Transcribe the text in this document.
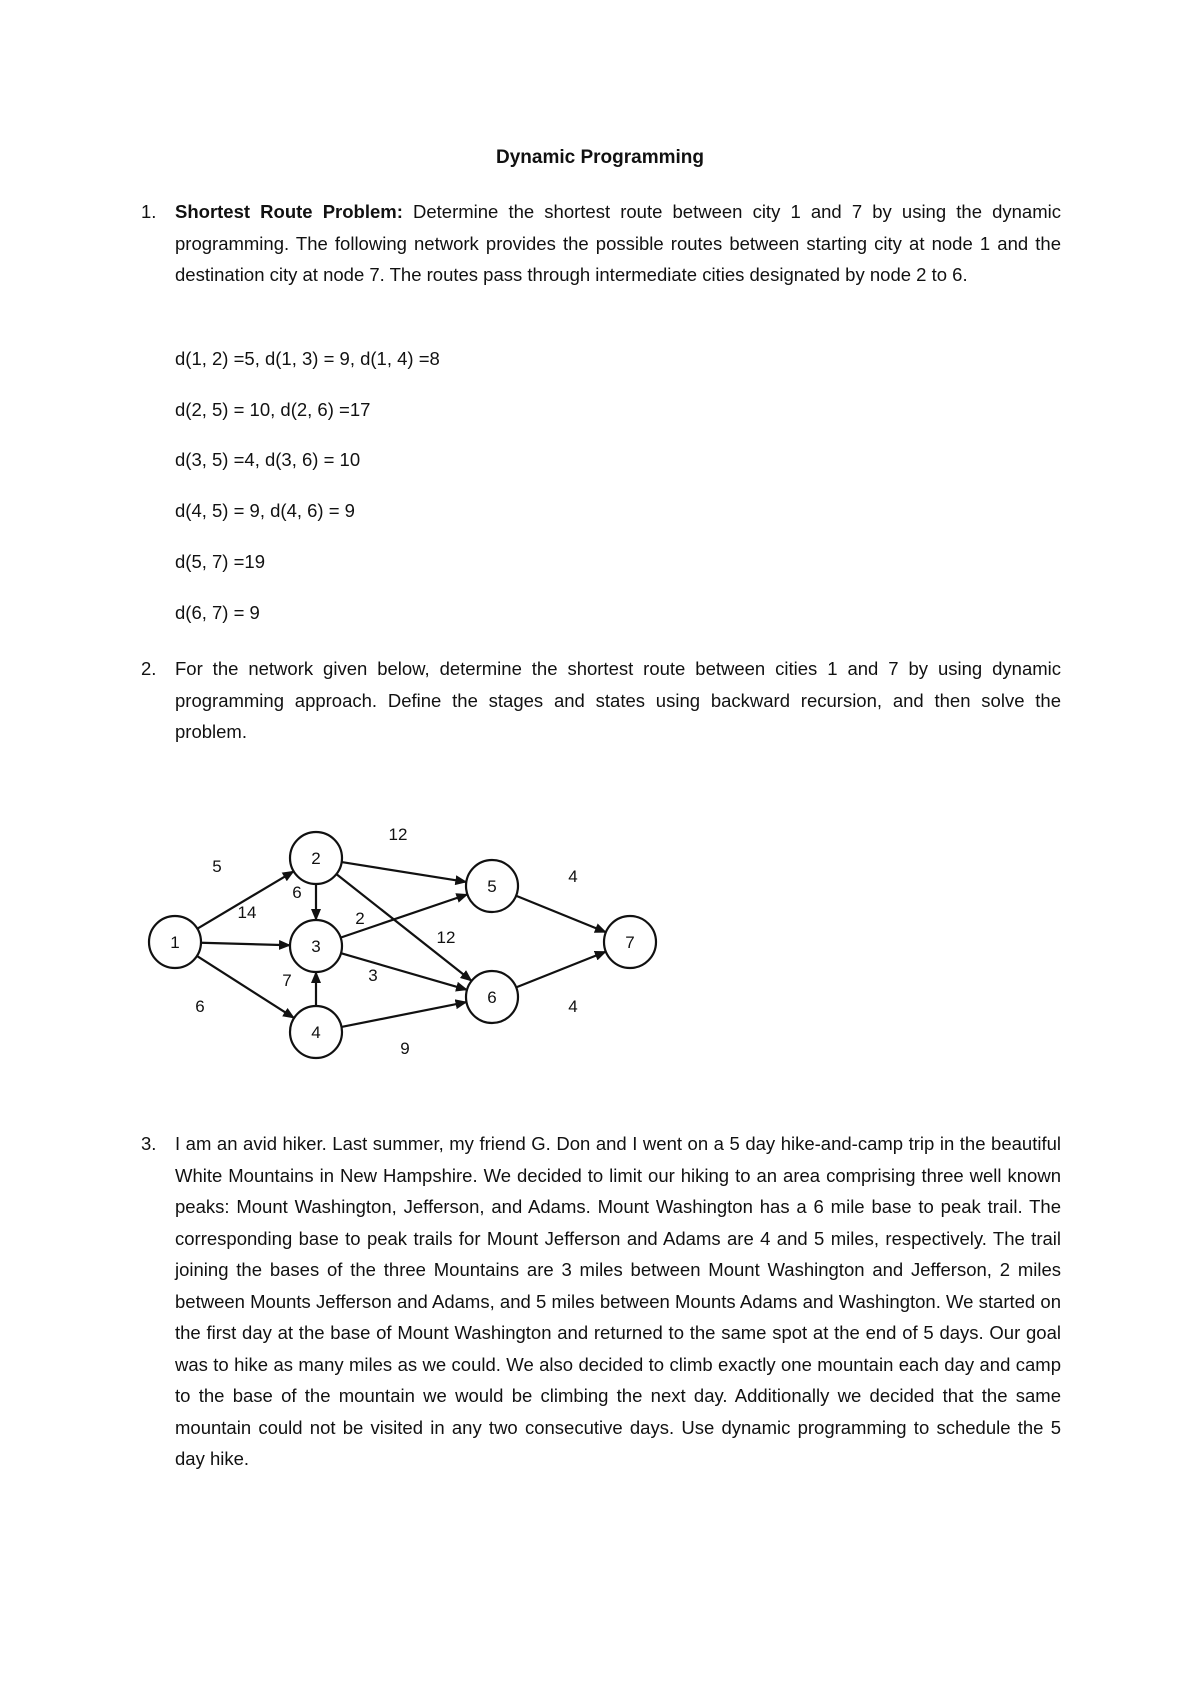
Dynamic Programming
1.	Shortest Route Problem: Determine the shortest route between city 1 and 7 by using the dynamic programming. The following network provides the possible routes between starting city at node 1 and the destination city at node 7. The routes pass through intermediate cities designated by node 2 to 6.
d(1, 2) =5, d(1, 3) = 9, d(1, 4) =8
d(2, 5) = 10, d(2, 6) =17
d(3, 5) =4, d(3, 6) = 10
d(4, 5) = 9, d(4, 6) = 9
d(5, 7) =19
d(6, 7) = 9
2.	For the network given below, determine the shortest route between cities 1 and 7 by using dynamic programming approach. Define the stages and states using backward recursion, and then solve the problem.
1
2
3
4
5
6
7
5
14
6
6
7
12
12
2
3
9
4
4
3.	I am an avid hiker. Last summer, my friend G. Don and I went on a 5 day hike-and-camp trip in the beautiful White Mountains in New Hampshire. We decided to limit our hiking to an area comprising three well known peaks: Mount Washington, Jefferson, and Adams. Mount Washington has a 6 mile base to peak trail. The corresponding base to peak trails for Mount Jefferson and Adams are 4 and 5 miles, respectively. The trail joining the bases of the three Mountains are 3 miles between Mount Washington and Jefferson, 2 miles between Mounts Jefferson and Adams, and 5 miles between Mounts Adams and Washington. We started on the first day at the base of Mount Washington and returned to the same spot at the end of 5 days. Our goal was to hike as many miles as we could. We also decided to climb exactly one mountain each day and camp to the base of the mountain we would be climbing the next day. Additionally we decided that the same mountain could not be visited in any two consecutive days. Use dynamic programming to schedule the 5 day hike.
